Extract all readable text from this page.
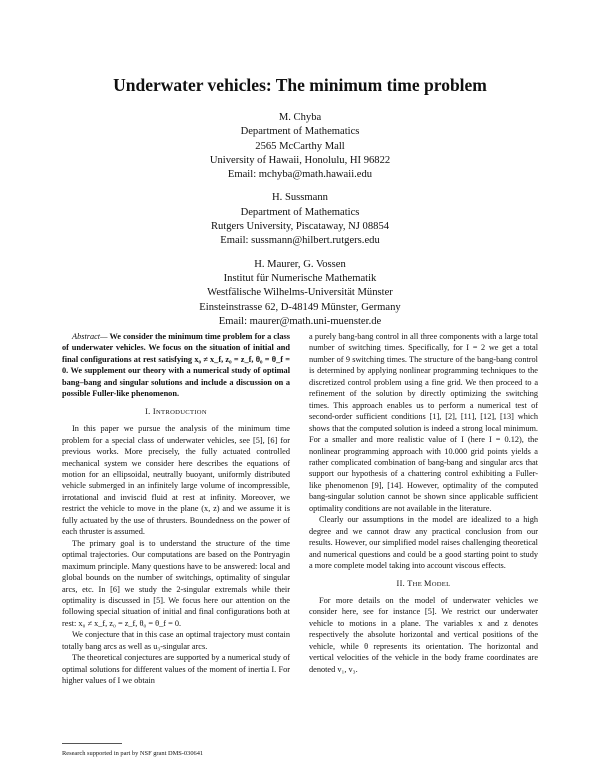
Underwater vehicles: The minimum time problem
M. Chyba
Department of Mathematics
2565 McCarthy Mall
University of Hawaii, Honolulu, HI 96822
Email: mchyba@math.hawaii.edu
H. Sussmann
Department of Mathematics
Rutgers University, Piscataway, NJ 08854
Email: sussmann@hilbert.rutgers.edu
H. Maurer, G. Vossen
Institut für Numerische Mathematik
Westfälische Wilhelms-Universität Münster
Einsteinstrasse 62, D-48149 Münster, Germany
Email: maurer@math.uni-muenster.de

Abstract— We consider the minimum time problem for a class of underwater vehicles. We focus on the situation of initial and final configurations at rest satisfying x₀ ≠ x_f, z₀ = z_f, θ₀ = θ_f = 0. We supplement our theory with a numerical study of optimal bang–bang and singular solutions and include a discussion on a possible Fuller-like phenomenon.

I. INTRODUCTION

In this paper we pursue the analysis of the minimum time problem for a special class of underwater vehicles, see [5], [6] for previous works. More precisely, the fully actuated controlled mechanical system we consider here describes the equations of motion for an ellipsoidal, neutrally buoyant, uniformly distributed vehicle submerged in an infinitely large volume of incompressible, irrotational and inviscid fluid at rest at infinity. Moreover, we restrict the vehicle to move in the plane (x, z) and we assume it is fully actuated by the use of thrusters. Boundedness on the power of each thruster is assumed.

The primary goal is to understand the structure of the time optimal trajectories. Our computations are based on the Pontryagin maximum principle. Many questions have to be answered: local and global bounds on the number of switchings, optimality of singular arcs, etc. In [6] we study the 2-singular extremals while their optimality is discussed in [5]. We focus here our attention on the following special situation of initial and final configurations both at rest: x₀ ≠ x_f, z₀ = z_f, θ₀ = θ_f = 0.

We conjecture that in this case an optimal trajectory must contain totally bang arcs as well as u₃-singular arcs.

The theoretical conjectures are supported by a numerical study of optimal solutions for different values of the moment of inertia I. For higher values of I we obtain

a purely bang-bang control in all three components with a large total number of switching times. Specifically, for I = 2 we get a total number of 9 switching times. The structure of the bang-bang control is determined by applying nonlinear programming techniques to the discretized control problem using a fine grid. We then proceed to a refinement of the solution by directly optimizing the switching times. This approach enables us to perform a numerical test of second-order sufficient conditions [1], [2], [11], [12], [13] which shows that the computed solution is indeed a strong local minimum. For a smaller and more realistic value of I (here I = 0.12), the nonlinear programming approach with 10.000 grid points yields a rather complicated combination of bang-bang and singular arcs that support our hypothesis of a chattering control exhibiting a Fuller-like phenomenon [9], [14]. However, optimality of the computed bang-singular solution cannot be shown since applicable sufficient optimality conditions are not available in the literature.

Clearly our assumptions in the model are idealized to a high degree and we cannot draw any practical conclusion from our results. However, our simplified model raises challenging theoretical and numerical questions and could be a good starting point to study a more complete model taking into account viscous effects.

II. THE MODEL

For more details on the model of underwater vehicles we consider here, see for instance [5]. We restrict our underwater vehicle to motions in a plane. The variables x and z denotes respectively the absolute horizontal and vertical positions of the vehicle, while θ represents its orientation. The horizontal and vertical velocities of the vehicle in the body frame coordinates are denoted v₁, v₃.

Research supported in part by NSF grant DMS-030641
